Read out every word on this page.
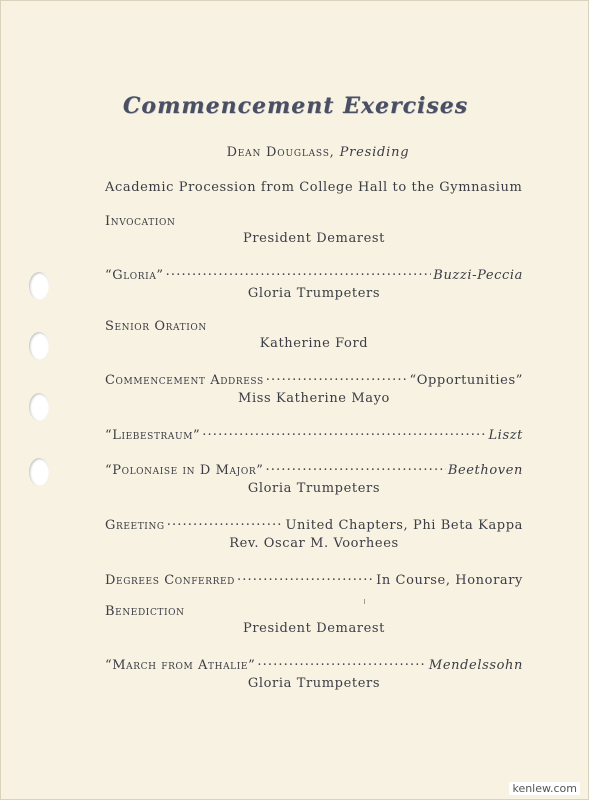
Commencement Exercises
Dean Douglass, Presiding
Academic Procession from College Hall to the Gymnasium
Invocation
President Demarest
“Gloria” . . .	Buzzi-Peccia
Gloria Trumpeters
Senior Oration
Katherine Ford
Commencement Address . . .	“Opportunities”
Miss Katherine Mayo
“Liebestraum” . . .	Liszt
“Polonaise in D Major” . . .	Beethoven
Gloria Trumpeters
Greeting . . .	United Chapters, Phi Beta Kappa
Rev. Oscar M. Voorhees
Degrees Conferred . . .	In Course, Honorary
Benediction
President Demarest
“March from Athalie” . . .	Mendelssohn
Gloria Trumpeters
kenlew.com
